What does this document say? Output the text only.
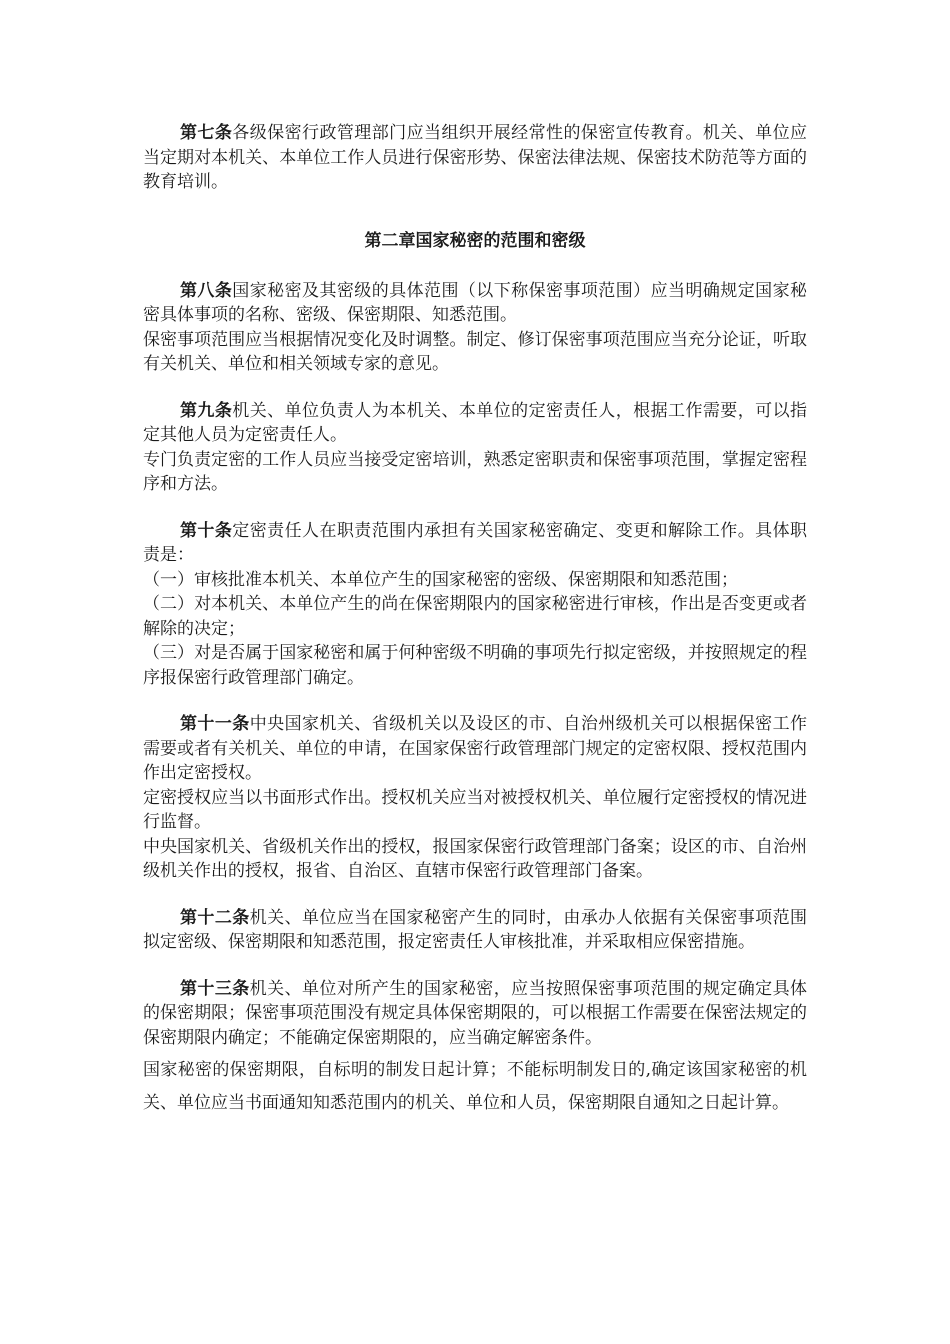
第七条各级保密行政管理部门应当组织开展经常性的保密宣传教育。机关、单位应当定期对本机关、本单位工作人员进行保密形势、保密法律法规、保密技术防范等方面的教育培训。

第二章国家秘密的范围和密级

第八条国家秘密及其密级的具体范围（以下称保密事项范围）应当明确规定国家秘密具体事项的名称、密级、保密期限、知悉范围。

保密事项范围应当根据情况变化及时调整。制定、修订保密事项范围应当充分论证，听取有关机关、单位和相关领域专家的意见。

第九条机关、单位负责人为本机关、本单位的定密责任人，根据工作需要，可以指定其他人员为定密责任人。

专门负责定密的工作人员应当接受定密培训，熟悉定密职责和保密事项范围，掌握定密程序和方法。

第十条定密责任人在职责范围内承担有关国家秘密确定、变更和解除工作。具体职责是：

（一）审核批准本机关、本单位产生的国家秘密的密级、保密期限和知悉范围；

（二）对本机关、本单位产生的尚在保密期限内的国家秘密进行审核，作出是否变更或者解除的决定；

（三）对是否属于国家秘密和属于何种密级不明确的事项先行拟定密级，并按照规定的程序报保密行政管理部门确定。

第十一条中央国家机关、省级机关以及设区的市、自治州级机关可以根据保密工作需要或者有关机关、单位的申请，在国家保密行政管理部门规定的定密权限、授权范围内作出定密授权。

定密授权应当以书面形式作出。授权机关应当对被授权机关、单位履行定密授权的情况进行监督。

中央国家机关、省级机关作出的授权，报国家保密行政管理部门备案；设区的市、自治州级机关作出的授权，报省、自治区、直辖市保密行政管理部门备案。

第十二条机关、单位应当在国家秘密产生的同时，由承办人依据有关保密事项范围拟定密级、保密期限和知悉范围，报定密责任人审核批准，并采取相应保密措施。

第十三条机关、单位对所产生的国家秘密，应当按照保密事项范围的规定确定具体的保密期限；保密事项范围没有规定具体保密期限的，可以根据工作需要在保密法规定的保密期限内确定；不能确定保密期限的，应当确定解密条件。

国家秘密的保密期限，自标明的制发日起计算；不能标明制发日的,确定该国家秘密的机关、单位应当书面通知知悉范围内的机关、单位和人员，保密期限自通知之日起计算。
